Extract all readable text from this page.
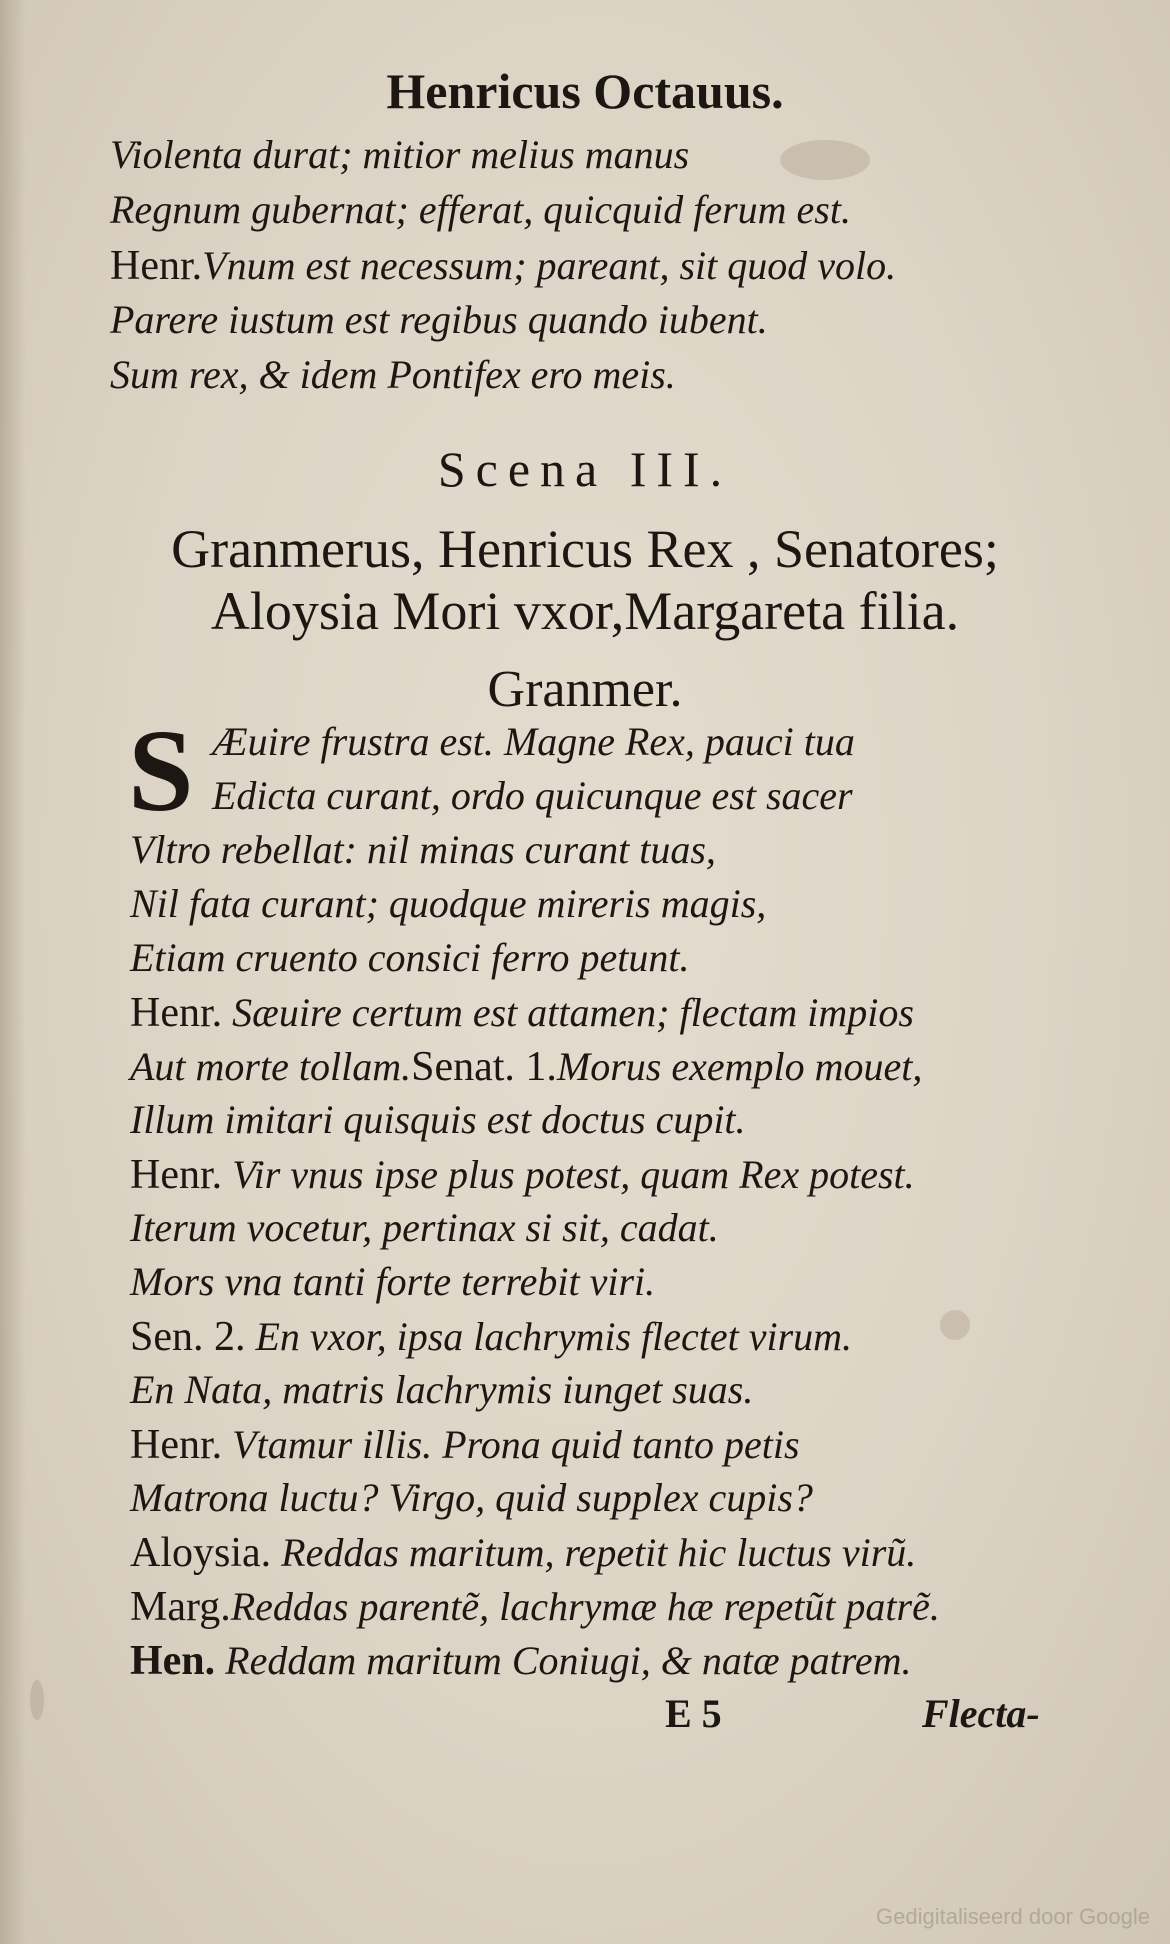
Henricus Octauus.
Violenta durat; mitior melius manus
Regnum gubernat; efferat, quicquid ferum est.
Henr.Vnum est necessum; pareant, sit quod volo.
Parere iustum est regibus quando iubent.
Sum rex, & idem Pontifex ero meis.
Scena III.
Granmerus, Henricus Rex , Senatores;
Aloysia Mori vxor,Margareta filia.
Granmer.
S Æuire frustra est. Magne Rex, pauci tua
Edicta curant, ordo quicunque est sacer
Vltro rebellat: nil minas curant tuas,
Nil fata curant; quodque mireris magis,
Etiam cruento consici ferro petunt.
Henr. Sæuire certum est attamen; flectam impios
Aut morte tollam.Senat. 1.Morus exemplo mouet,
Illum imitari quisquis est doctus cupit.
Henr. Vir vnus ipse plus potest, quam Rex potest.
Iterum vocetur, pertinax si sit, cadat.
Mors vna tanti forte terrebit viri.
Sen. 2. En vxor, ipsa lachrymis flectet virum.
En Nata, matris lachrymis iunget suas.
Henr. Vtamur illis. Prona quid tanto petis
Matrona luctu? Virgo, quid supplex cupis?
Aloysia. Reddas maritum, repetit hic luctus virũ.
Marg.Reddas parentẽ, lachrymæ hæ repetũt patrẽ.
Hen. Reddam maritum Coniugi, & natæ patrem.
E 5	Flecta-
Gedigitaliseerd door Google
